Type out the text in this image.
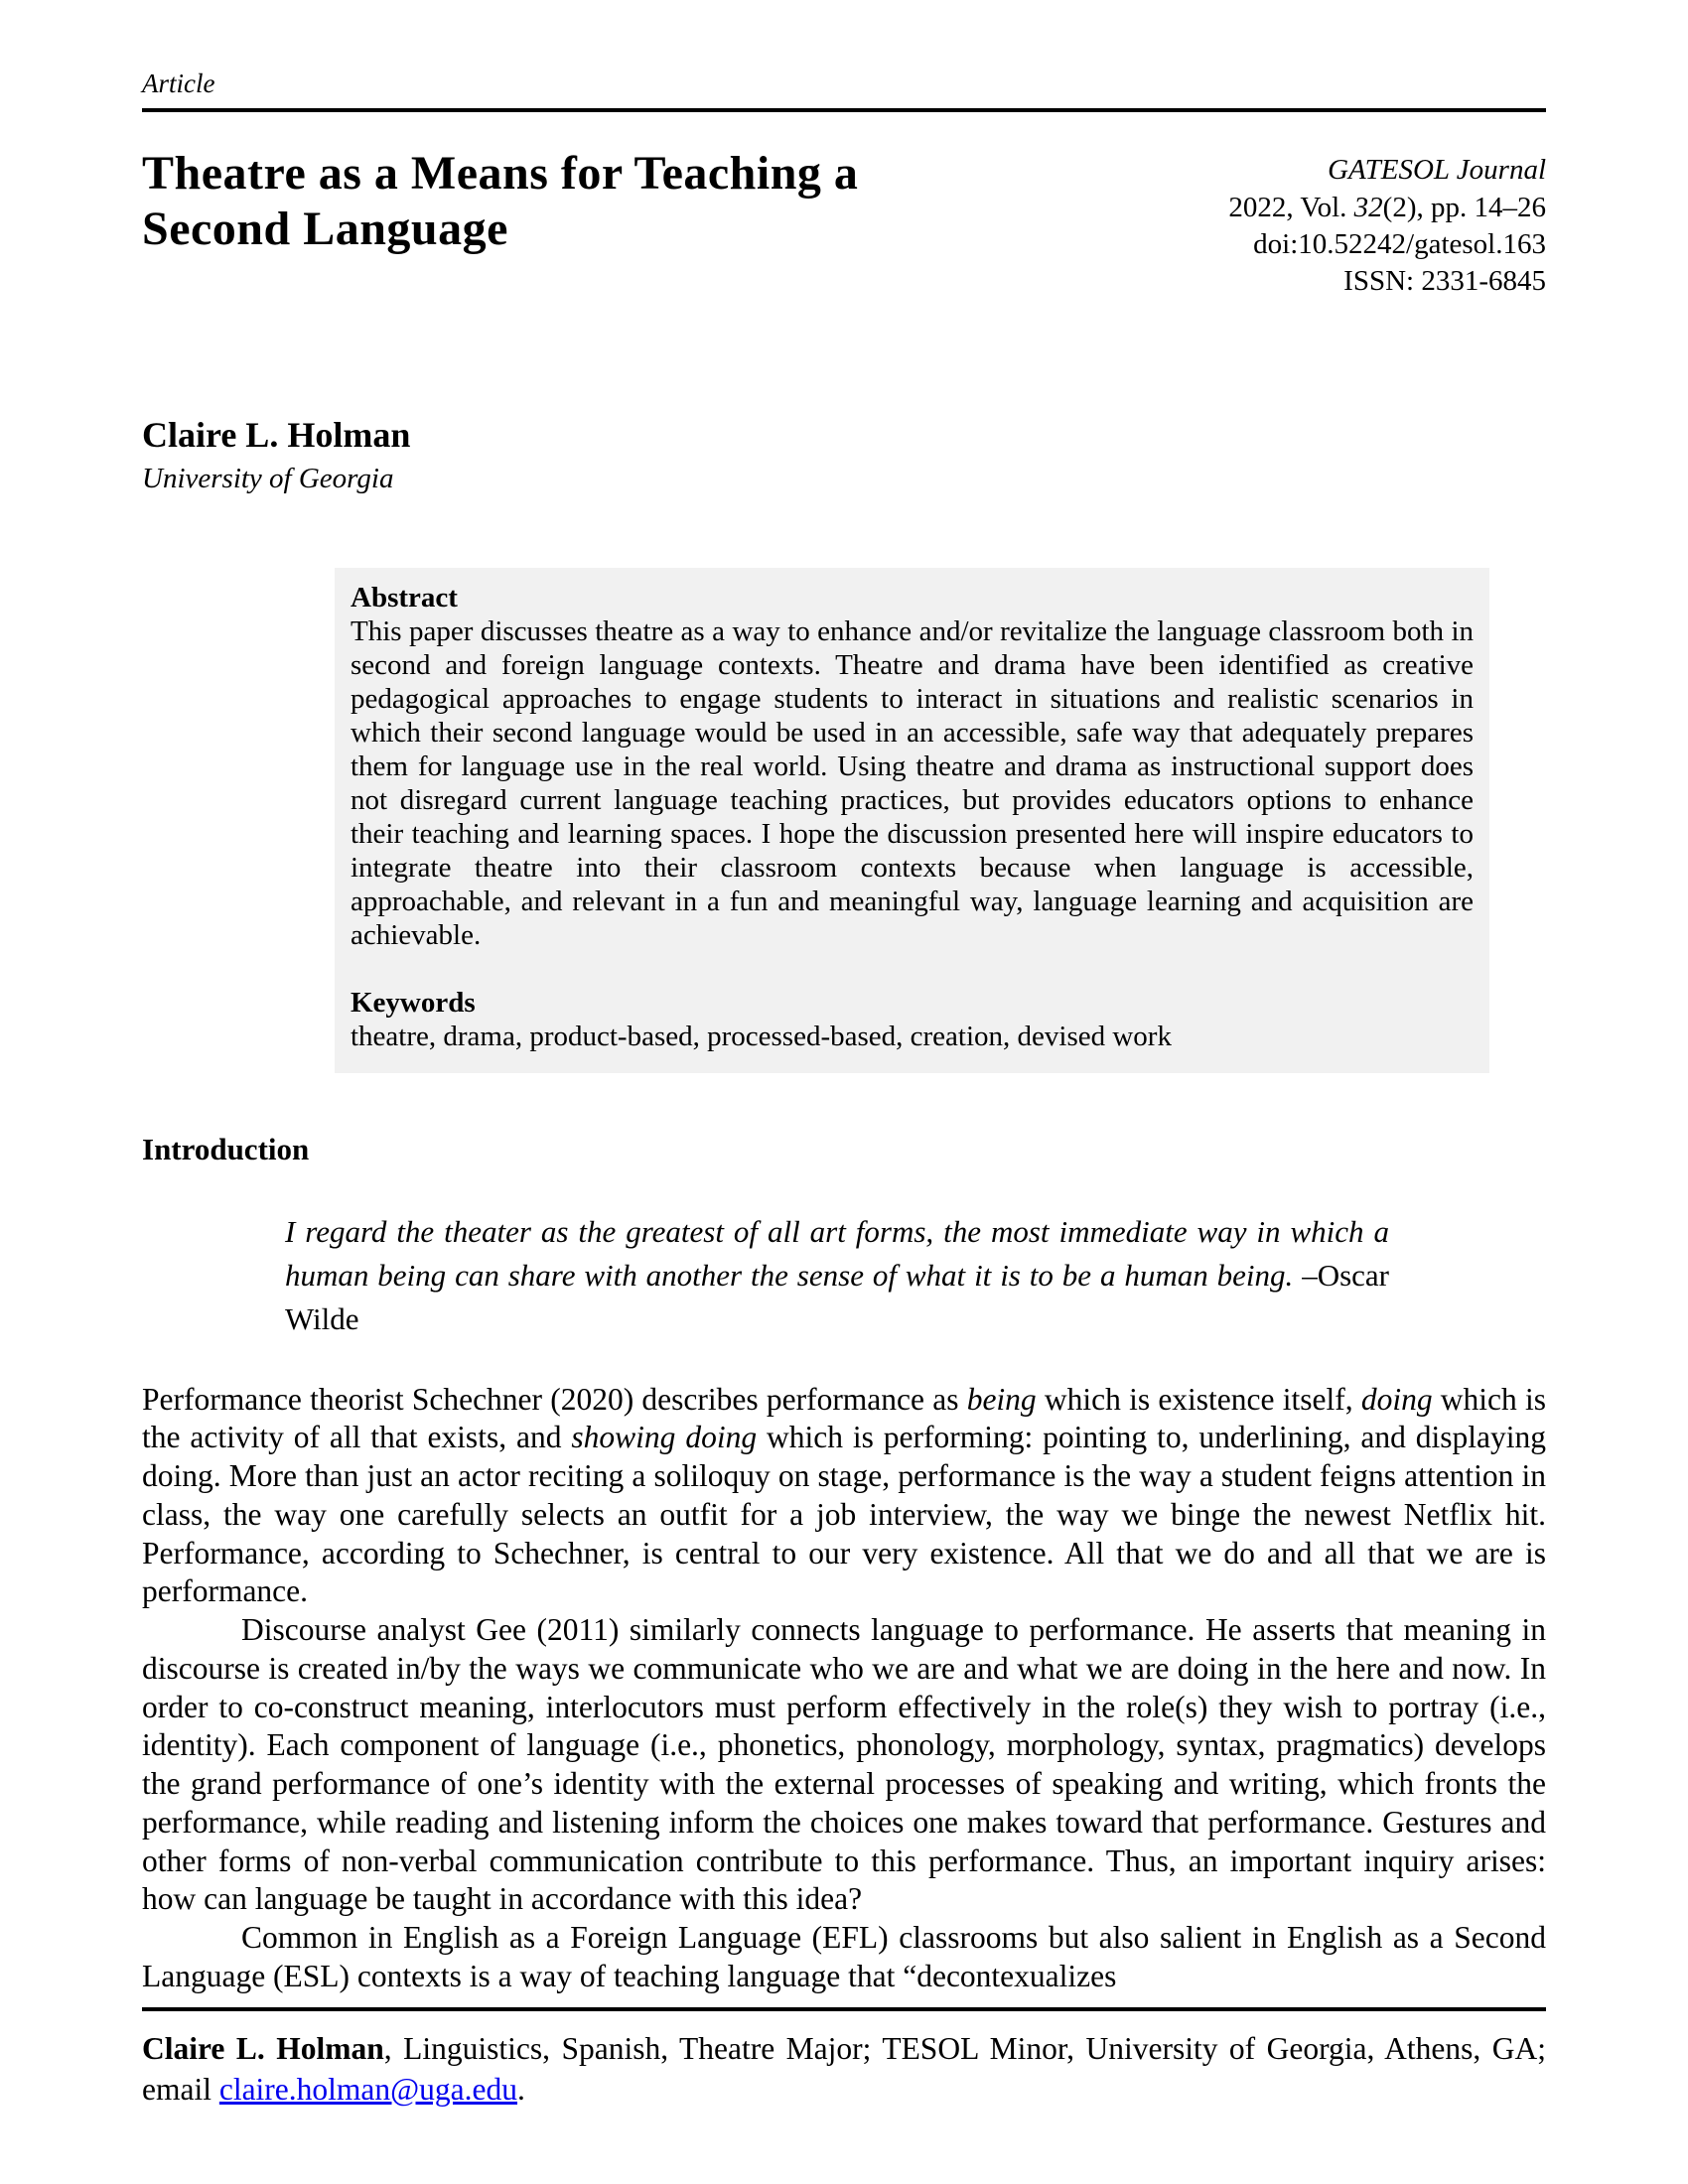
Article
Theatre as a Means for Teaching a
Second Language
GATESOL Journal
2022, Vol. 32(2), pp. 14–26
doi:10.52242/gatesol.163
ISSN: 2331-6845
Claire L. Holman
University of Georgia
Abstract
This paper discusses theatre as a way to enhance and/or revitalize the language classroom both in second and foreign language contexts. Theatre and drama have been identified as creative pedagogical approaches to engage students to interact in situations and realistic scenarios in which their second language would be used in an accessible, safe way that adequately prepares them for language use in the real world. Using theatre and drama as instructional support does not disregard current language teaching practices, but provides educators options to enhance their teaching and learning spaces. I hope the discussion presented here will inspire educators to integrate theatre into their classroom contexts because when language is accessible, approachable, and relevant in a fun and meaningful way, language learning and acquisition are achievable.
Keywords
theatre, drama, product-based, processed-based, creation, devised work
Introduction
I regard the theater as the greatest of all art forms, the most immediate way in which a human being can share with another the sense of what it is to be a human being. –Oscar Wilde

Performance theorist Schechner (2020) describes performance as being which is existence itself, doing which is the activity of all that exists, and showing doing which is performing: pointing to, underlining, and displaying doing. More than just an actor reciting a soliloquy on stage, performance is the way a student feigns attention in class, the way one carefully selects an outfit for a job interview, the way we binge the newest Netflix hit. Performance, according to Schechner, is central to our very existence. All that we do and all that we are is performance.

Discourse analyst Gee (2011) similarly connects language to performance. He asserts that meaning in discourse is created in/by the ways we communicate who we are and what we are doing in the here and now. In order to co-construct meaning, interlocutors must perform effectively in the role(s) they wish to portray (i.e., identity). Each component of language (i.e., phonetics, phonology, morphology, syntax, pragmatics) develops the grand performance of one’s identity with the external processes of speaking and writing, which fronts the performance, while reading and listening inform the choices one makes toward that performance. Gestures and other forms of non-verbal communication contribute to this performance. Thus, an important inquiry arises: how can language be taught in accordance with this idea?

Common in English as a Foreign Language (EFL) classrooms but also salient in English as a Second Language (ESL) contexts is a way of teaching language that “decontexualizes

Claire L. Holman, Linguistics, Spanish, Theatre Major; TESOL Minor, University of Georgia, Athens, GA; email claire.holman@uga.edu.
